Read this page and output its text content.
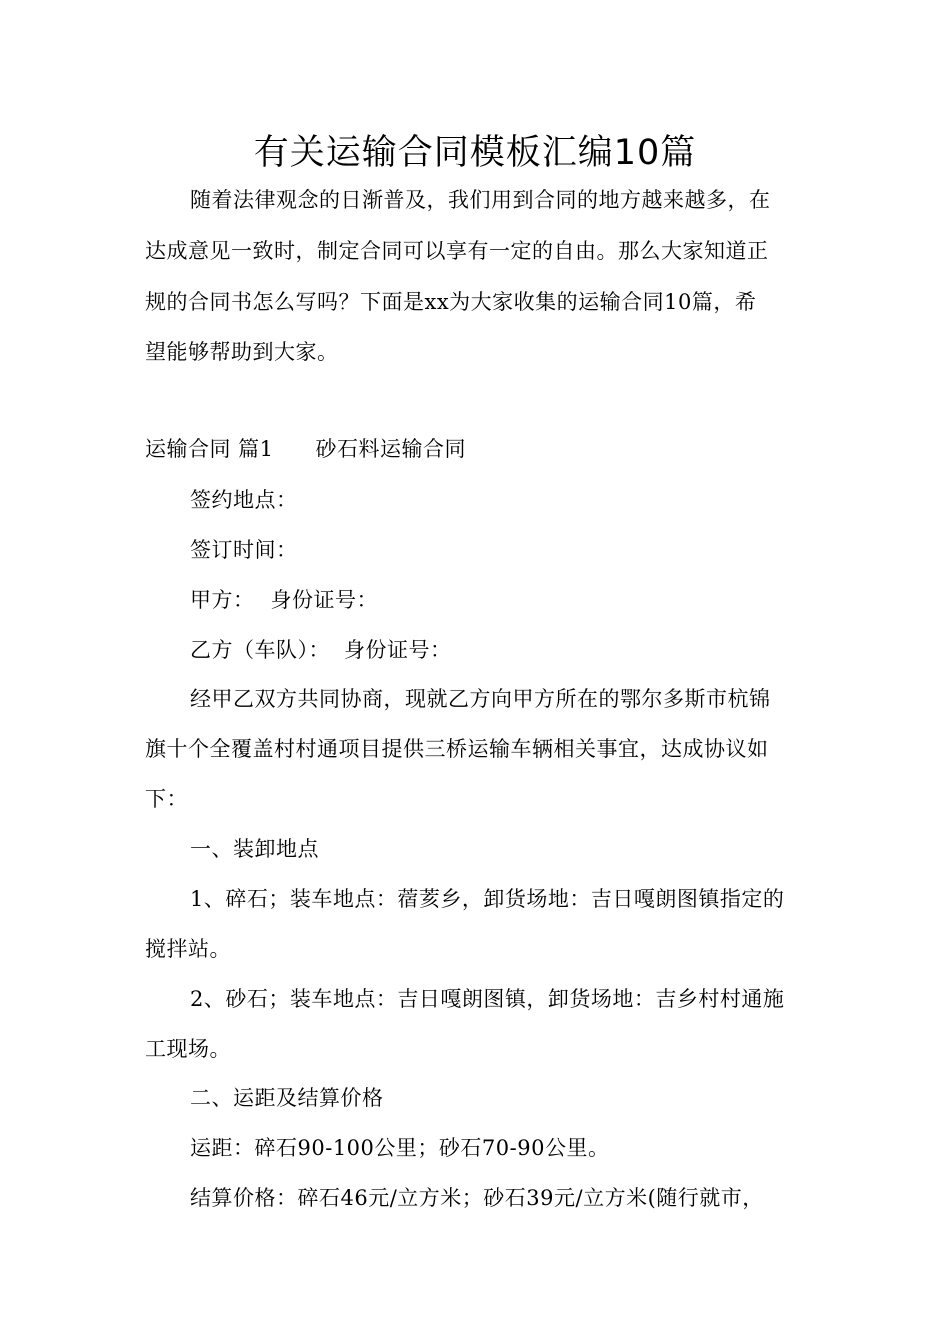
有关运输合同模板汇编10篇
随着法律观念的日渐普及，我们用到合同的地方越来越多，在
达成意见一致时，制定合同可以享有一定的自由。那么大家知道正
规的合同书怎么写吗？下面是xx为大家收集的运输合同10篇，希
望能够帮助到大家。
运输合同 篇1 砂石料运输合同
签约地点：
签订时间：
甲方： 身份证号：
乙方（车队）： 身份证号：
经甲乙双方共同协商，现就乙方向甲方所在的鄂尔多斯市杭锦
旗十个全覆盖村村通项目提供三桥运输车辆相关事宜，达成协议如
下：
一、装卸地点
1、碎石；装车地点：蓿荄乡，卸货场地：吉日嘎朗图镇指定的
搅拌站。
2、砂石；装车地点：吉日嘎朗图镇，卸货场地：吉乡村村通施
工现场。
二、运距及结算价格
运距：碎石90-100公里；砂石70-90公里。
结算价格：碎石46元/立方米；砂石39元/立方米(随行就市，
